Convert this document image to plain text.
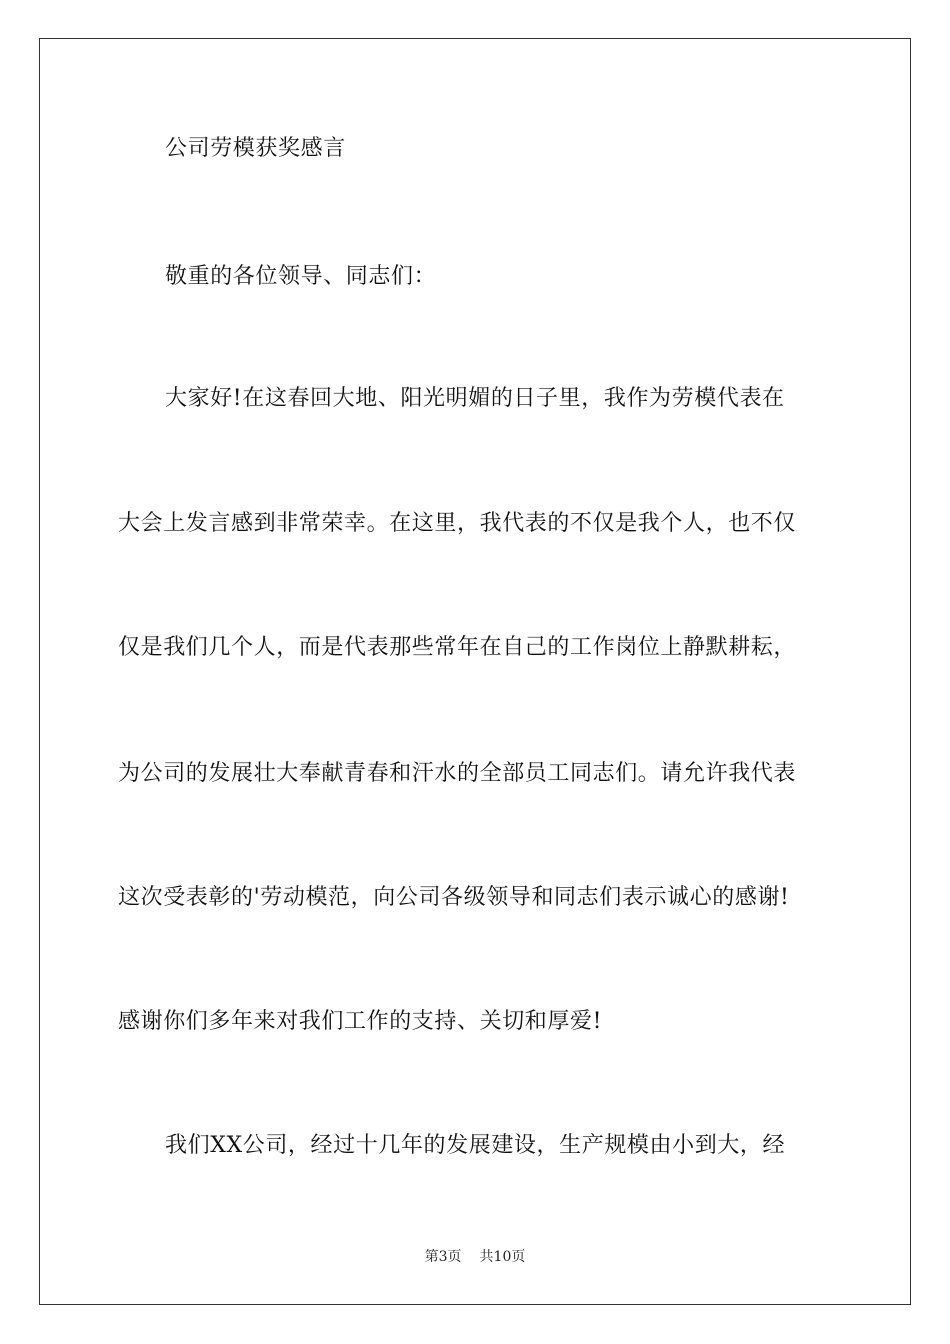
公司劳模获奖感言
敬重的各位领导、同志们：
大家好!在这春回大地、阳光明媚的日子里，我作为劳模代表在
大会上发言感到非常荣幸。在这里，我代表的不仅是我个人，也不仅
仅是我们几个人，而是代表那些常年在自己的工作岗位上静默耕耘，
为公司的发展壮大奉献青春和汗水的全部员工同志们。请允许我代表
这次受表彰的'劳动模范，向公司各级领导和同志们表示诚心的感谢!
感谢你们多年来对我们工作的支持、关切和厚爱!
我们XX公司，经过十几年的发展建设，生产规模由小到大，经
第3页 共10页
